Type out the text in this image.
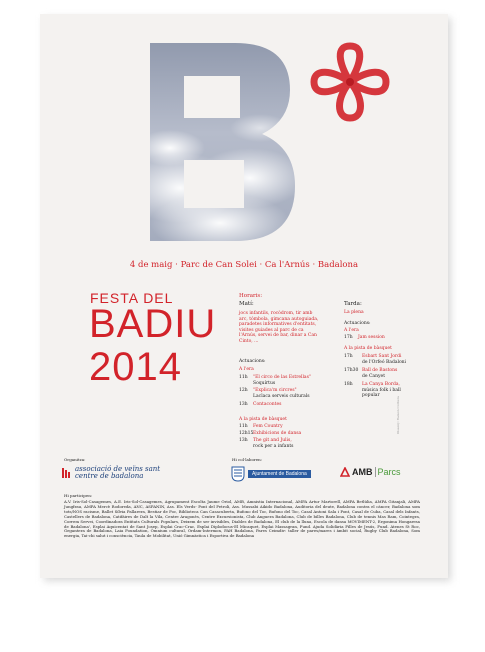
4 de maig · Parc de Can Solei · Ca l'Arnús · Badalona
FESTA DEL
BADIU
2014
Horaris:
Matí:
jocs infantils, rocòdrom, tir amb arc, tómbola, gimcana autoguiada, paradetes informatives d'entitats, visites guiades al parc de ca l'Arnús, servei de bar, dinar a Can Cinto, ...
Actuacions:
A l'era
11h	"El circo de las Estrellas"
Soquírtus
12h	"Explica'm circres"
Laclaca serveis culturals
13h	Contacontes
A la pista de bàsquet
11h	Fem Country
12h15 Exhibicions de dansa
13h	The git and Julis,
rock per a infants
Tarda:
La plena
Actuacions:
A l'era
17h	Jam session
A la pista de bàsquet
17h	Esbart Sant Jordi
de l'Orfeó Badaloni
17h30 Ball de Bastons
de Canyet
18h	La Canya Borda,
música folk i ball popular
Disseny: Ramon Corbera
Organitza:
associació de veïns sant centre de badalona
Hi col·laboren:
Ajuntament de Badalona	AMB Parcs
Hi participen:
A.V. Iris-Sol-Casagemes, A.E. Iris-Sol-Casagemes, Agrupament Escolta Jaume Oriol, AMB, Amnistia Internacional, AMPA Artur Martorell, AMPA Betlúlia, AMPA Gitanjali, AMPA Jungfrau, AMPA Mercè Rodoreda, ANC, ASPANIN, Ass. Els Verds- Pont del Petroli, Ass. Mussabi Aikido Badalona, Auditoria del deute, Badalona contra el càncer, Badalona som tots/NOS racisme, Ballet Sílvia Pallarera, Bestiar de Foc, Biblioteca Can Casacuberta, Bufono del Toc, Bufono del Toc, Casal Antoni Sala i Pont, Casal de Cuba, Casal dels Infants, Castellers de Badalona, Catifàires de Dalt la Vila, Centre Aragonès, Centre Excursionista, Club Anguera Badalona, Club de billes Badalona, Club de tennis Mas Ram, Cointegra, Correm Servei, Coordinadora Entitats Culturals Populars, Deixem de ser invisibles, Diables de Badalona, El club de la lluna, Escola de dansa MOVIMENT-2, Ergonima Hongaresa de Badalona', Esplai Aquicentat de Sant Josep, Esplai Crac-Crac, Esplai Diplodocus-El Micaquet, Esplai Massagran, Fund. Ajuda Solidària Filles de Jesús, Fund. Atenes St Roc, Gegantera de Badalona, Laia Foundation, Òmnium cultural, Ordam-Intermon, PAH Badalona, Pares Ceimdiv: taller de pares/mares i àmbit social, Rugby Club Badalona, Som energia, Tai-chi salut i consciència, Taula de Mobilitat, Unió Gimnàstica i Esportiva de Badalona
